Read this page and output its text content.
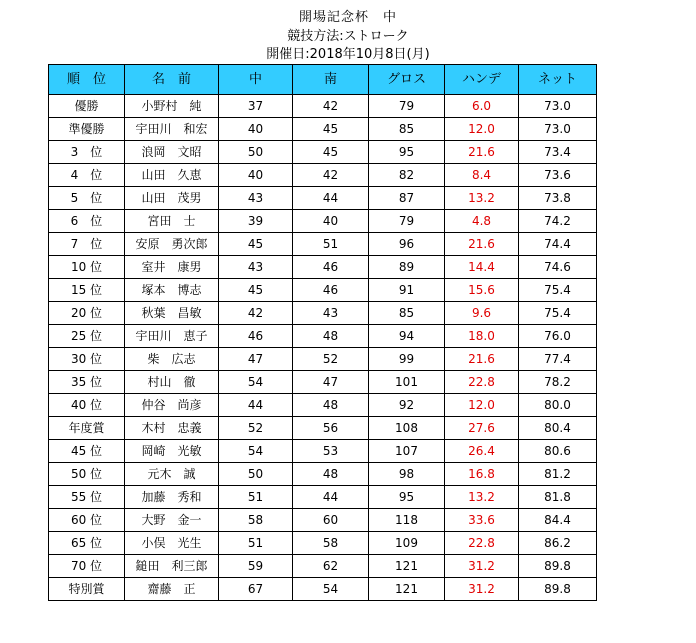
開場記念杯　中
競技方法:ストローク
開催日:2018年10月8日(月)
順　位	名　前	中	南	グロス	ハンデ	ネット
優勝	小野村　純	37	42	79	6.0	73.0
準優勝	宇田川　和宏	40	45	85	12.0	73.0
3　位	浪岡　文昭	50	45	95	21.6	73.4
4　位	山田　久恵	40	42	82	8.4	73.6
5　位	山田　茂男	43	44	87	13.2	73.8
6　位	宮田　士	39	40	79	4.8	74.2
7　位	安原　勇次郎	45	51	96	21.6	74.4
10 位	室井　康男	43	46	89	14.4	74.6
15 位	塚本　博志	45	46	91	15.6	75.4
20 位	秋葉　昌敏	42	43	85	9.6	75.4
25 位	宇田川　恵子	46	48	94	18.0	76.0
30 位	柴　広志	47	52	99	21.6	77.4
35 位	村山　徹	54	47	101	22.8	78.2
40 位	仲谷　尚彦	44	48	92	12.0	80.0
年度賞	木村　忠義	52	56	108	27.6	80.4
45 位	岡崎　光敏	54	53	107	26.4	80.6
50 位	元木　誠	50	48	98	16.8	81.2
55 位	加藤　秀和	51	44	95	13.2	81.8
60 位	大野　金一	58	60	118	33.6	84.4
65 位	小俣　光生	51	58	109	22.8	86.2
70 位	鎚田　利三郎	59	62	121	31.2	89.8
特別賞	齋藤　正	67	54	121	31.2	89.8
